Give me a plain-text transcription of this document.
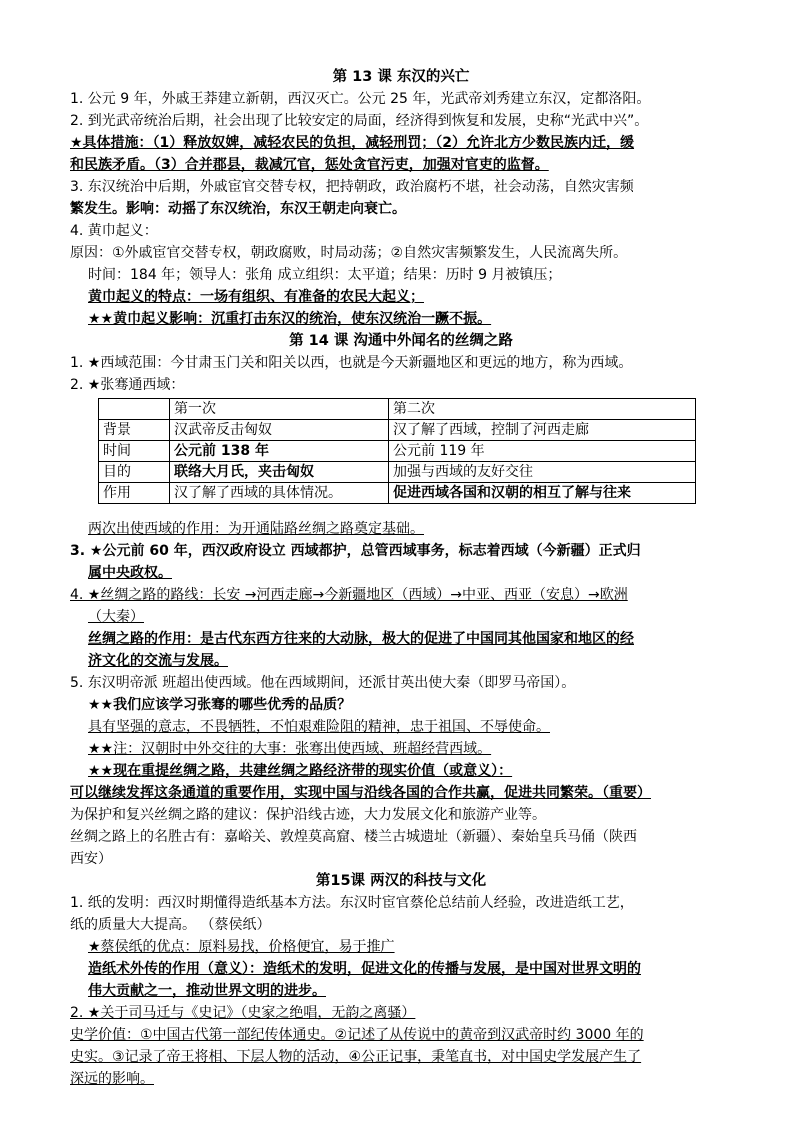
第 13 课 东汉的兴亡
1. 公元 9 年，外戚王莽建立新朝，西汉灭亡。公元 25 年，光武帝刘秀建立东汉，定都洛阳。
2. 到光武帝统治后期，社会出现了比较安定的局面，经济得到恢复和发展，史称“光武中兴”。
★具体措施：（1）释放奴婢，减轻农民的负担，减轻刑罚；（2）允许北方少数民族内迁，缓
和民族矛盾。（3）合并郡县，裁减冗官，惩处贪官污吏，加强对官吏的监督。
3. 东汉统治中后期，外戚宦官交替专权，把持朝政，政治腐朽不堪，社会动荡，自然灾害频
繁发生。影响：动摇了东汉统治，东汉王朝走向衰亡。
4. 黄巾起义：
原因：①外戚宦官交替专权，朝政腐败，时局动荡；②自然灾害频繁发生，人民流离失所。
时间：184 年；领导人：张角 成立组织：太平道；结果：历时 9 月被镇压；
黄巾起义的特点：一场有组织、有准备的农民大起义；
★★黄巾起义影响：沉重打击东汉的统治，使东汉统治一蹶不振。
第 14 课 沟通中外闻名的丝绸之路
1. ★西域范围：今甘肃玉门关和阳关以西，也就是今天新疆地区和更远的地方，称为西域。
2. ★张骞通西域：
	第一次	第二次
背景	汉武帝反击匈奴	汉了解了西域，控制了河西走廊
时间	公元前 138 年	公元前 119 年
目的	联络大月氏，夹击匈奴	加强与西域的友好交往
作用	汉了解了西域的具体情况。	促进西域各国和汉朝的相互了解与往来
两次出使西域的作用：为开通陆路丝绸之路奠定基础。
3. ★公元前 60 年，西汉政府设立 西域都护，总管西域事务，标志着西域（今新疆）正式归
属中央政权。
4. ★丝绸之路的路线：长安 →河西走廊→今新疆地区（西域）→中亚、西亚（安息）→欧洲
（大秦）
丝绸之路的作用：是古代东西方往来的大动脉，极大的促进了中国同其他国家和地区的经
济文化的交流与发展。
5. 东汉明帝派 班超出使西域。他在西域期间，还派甘英出使大秦（即罗马帝国）。
★★我们应该学习张骞的哪些优秀的品质？
具有坚强的意志，不畏牺牲，不怕艰难险阻的精神，忠于祖国、不辱使命。
★★注：汉朝时中外交往的大事：张骞出使西域、班超经营西域。
★★现在重提丝绸之路，共建丝绸之路经济带的现实价值（或意义）：
可以继续发挥这条通道的重要作用，实现中国与沿线各国的合作共赢，促进共同繁荣。（重要）
为保护和复兴丝绸之路的建议：保护沿线古迹，大力发展文化和旅游产业等。
丝绸之路上的名胜古有：嘉峪关、敦煌莫高窟、楼兰古城遗址（新疆）、秦始皇兵马俑（陕西
西安）
第15课 两汉的科技与文化
1. 纸的发明：西汉时期懂得造纸基本方法。东汉时宦官蔡伦总结前人经验，改进造纸工艺，
纸的质量大大提高。 （蔡侯纸）
★蔡侯纸的优点：原料易找，价格便宜，易于推广
造纸术外传的作用（意义）：造纸术的发明，促进文化的传播与发展，是中国对世界文明的
伟大贡献之一，推动世界文明的进步。
2. ★关于司马迁与《史记》（史家之绝唱，无韵之离骚）
史学价值：①中国古代第一部纪传体通史。②记述了从传说中的黄帝到汉武帝时约 3000 年的
史实。③记录了帝王将相、下层人物的活动，④公正记事，秉笔直书，对中国史学发展产生了
深远的影响。
